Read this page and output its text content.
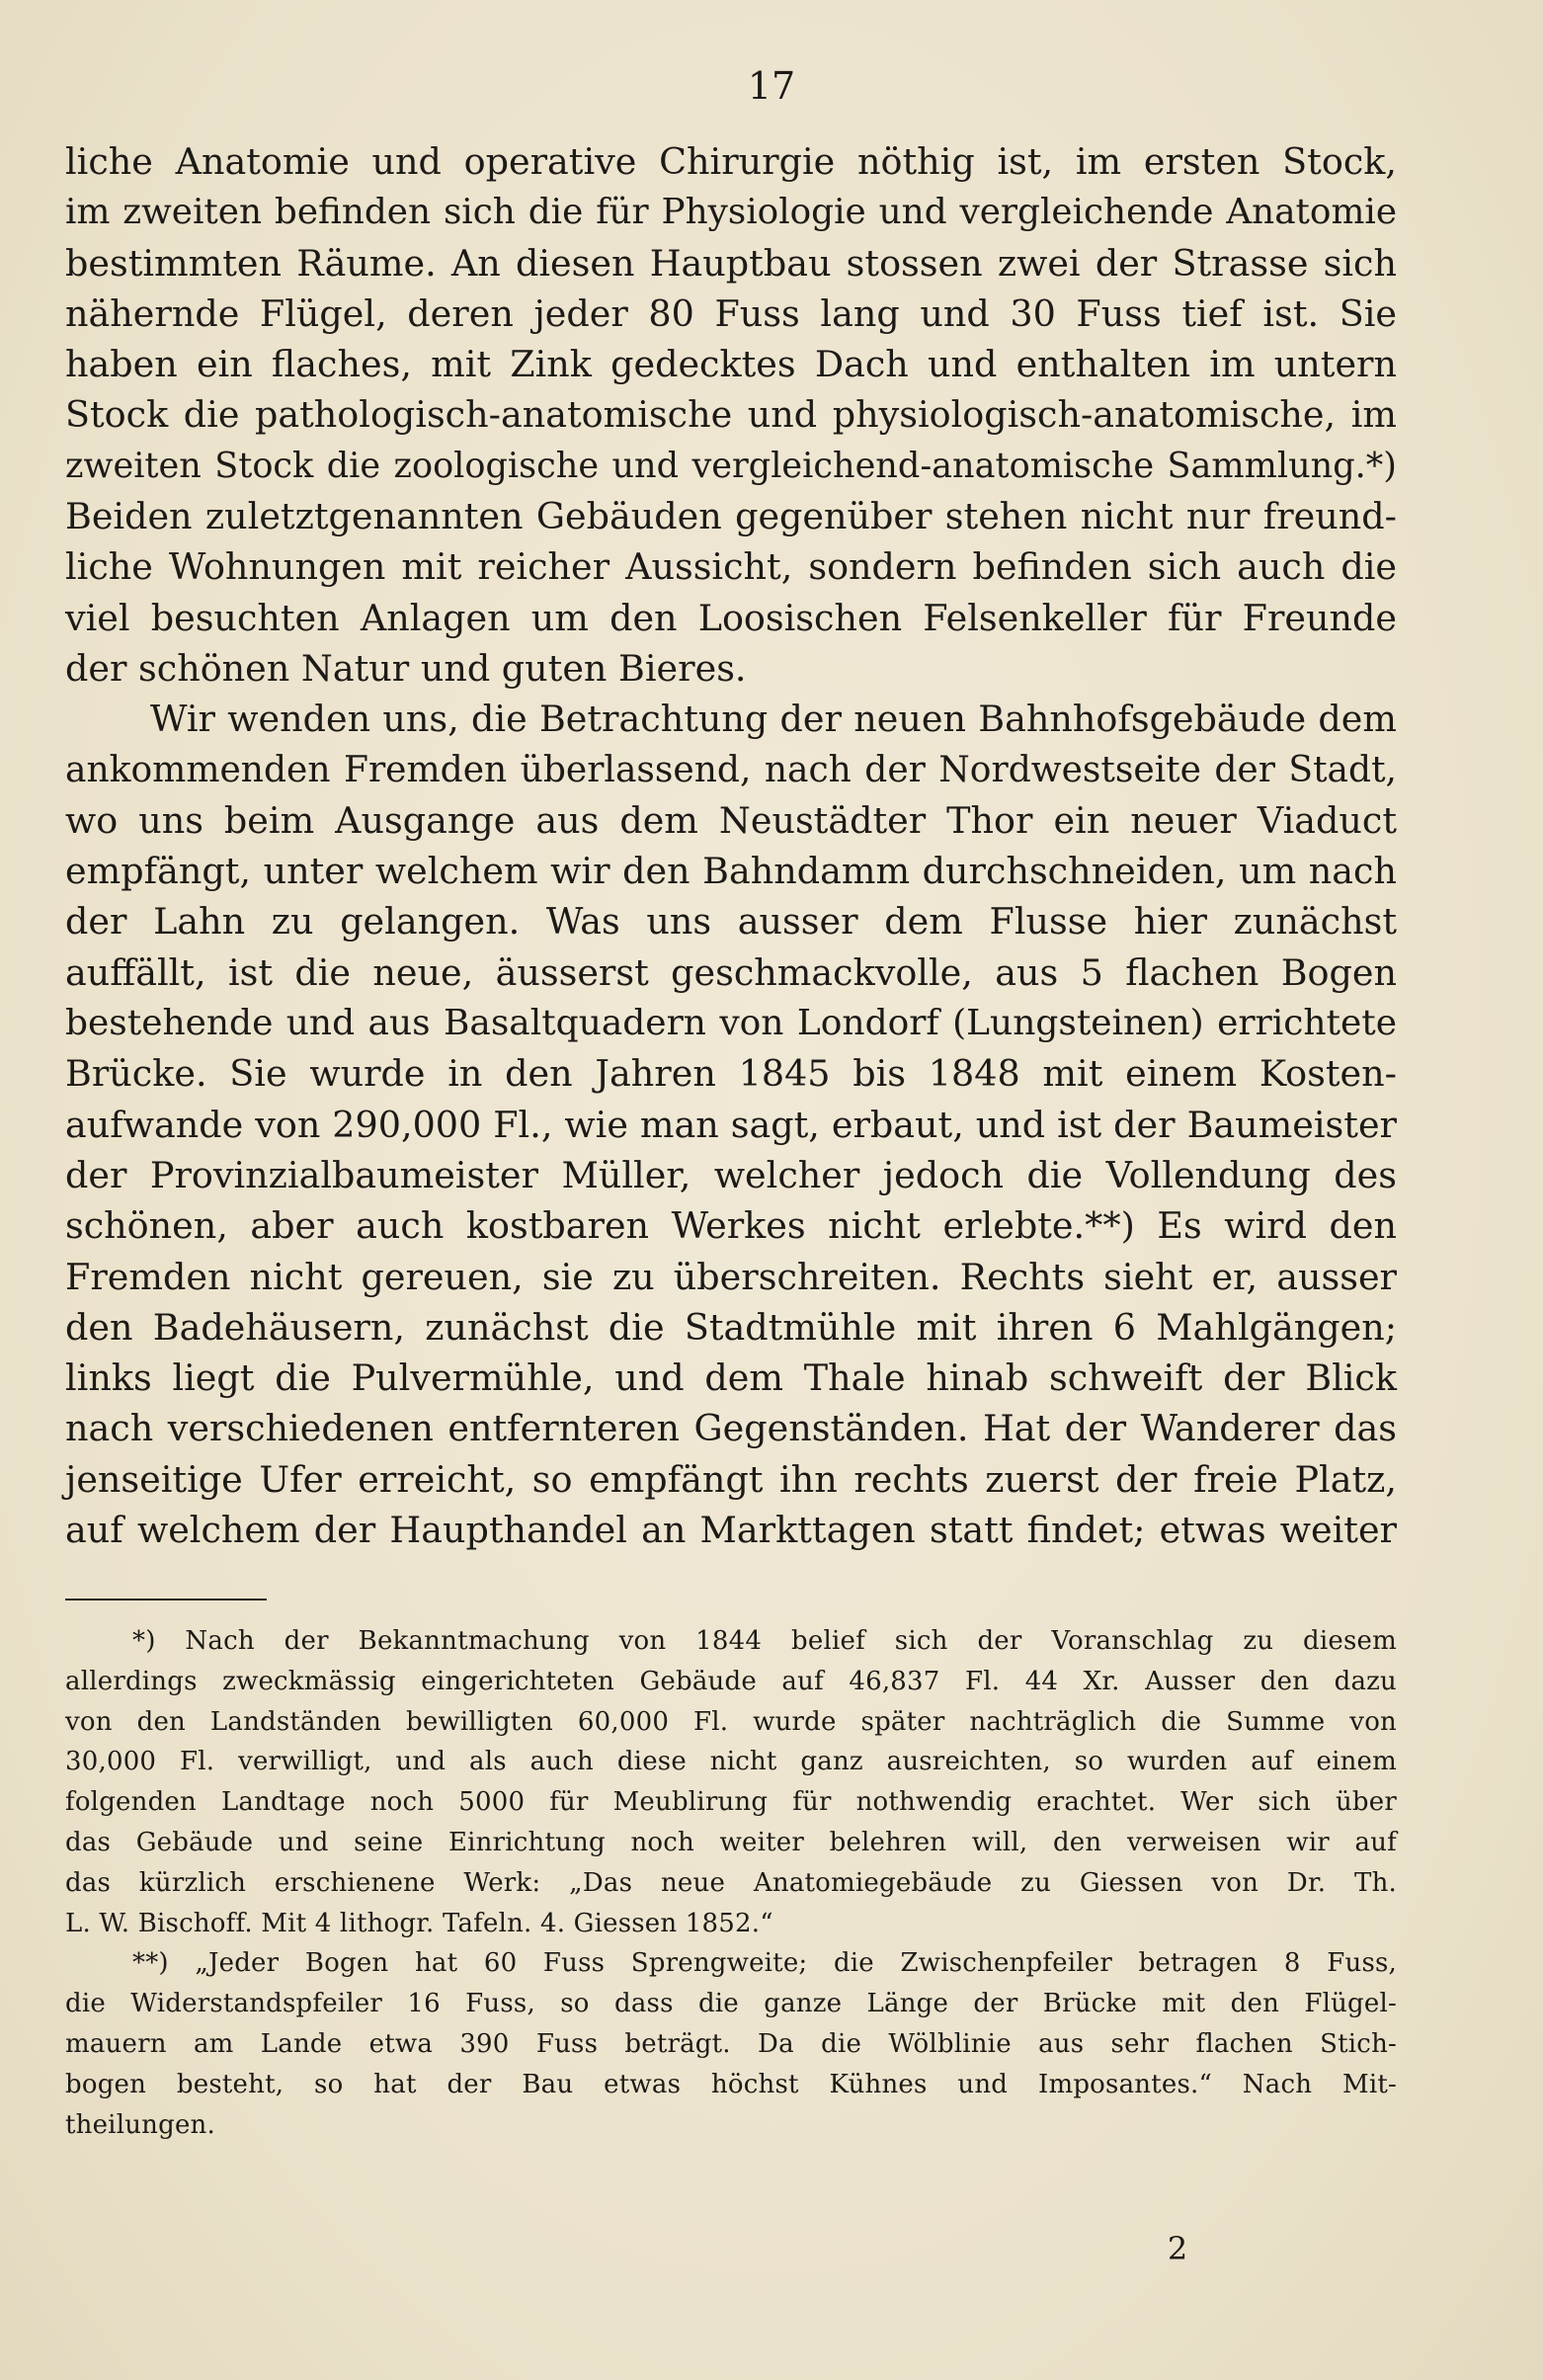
17
liche Anatomie und operative Chirurgie nöthig ist, im ersten Stock,
im zweiten befinden sich die für Physiologie und vergleichende Anatomie
bestimmten Räume. An diesen Hauptbau stossen zwei der Strasse sich
nähernde Flügel, deren jeder 80 Fuss lang und 30 Fuss tief ist. Sie
haben ein flaches, mit Zink gedecktes Dach und enthalten im untern
Stock die pathologisch-anatomische und physiologisch-anatomische, im
zweiten Stock die zoologische und vergleichend-anatomische Sammlung.*)
Beiden zuletztgenannten Gebäuden gegenüber stehen nicht nur freund-
liche Wohnungen mit reicher Aussicht, sondern befinden sich auch die
viel besuchten Anlagen um den Loosischen Felsenkeller für Freunde
der schönen Natur und guten Bieres.
Wir wenden uns, die Betrachtung der neuen Bahnhofsgebäude dem
ankommenden Fremden überlassend, nach der Nordwestseite der Stadt,
wo uns beim Ausgange aus dem Neustädter Thor ein neuer Viaduct
empfängt, unter welchem wir den Bahndamm durchschneiden, um nach
der Lahn zu gelangen. Was uns ausser dem Flusse hier zunächst
auffällt, ist die neue, äusserst geschmackvolle, aus 5 flachen Bogen
bestehende und aus Basaltquadern von Londorf (Lungsteinen) errichtete
Brücke. Sie wurde in den Jahren 1845 bis 1848 mit einem Kosten-
aufwande von 290,000 Fl., wie man sagt, erbaut, und ist der Baumeister
der Provinzialbaumeister Müller, welcher jedoch die Vollendung des
schönen, aber auch kostbaren Werkes nicht erlebte.**) Es wird den
Fremden nicht gereuen, sie zu überschreiten. Rechts sieht er, ausser
den Badehäusern, zunächst die Stadtmühle mit ihren 6 Mahlgängen;
links liegt die Pulvermühle, und dem Thale hinab schweift der Blick
nach verschiedenen entfernteren Gegenständen. Hat der Wanderer das
jenseitige Ufer erreicht, so empfängt ihn rechts zuerst der freie Platz,
auf welchem der Haupthandel an Markttagen statt findet; etwas weiter
*) Nach der Bekanntmachung von 1844 belief sich der Voranschlag zu diesem
allerdings zweckmässig eingerichteten Gebäude auf 46,837 Fl. 44 Xr. Ausser den dazu
von den Landständen bewilligten 60,000 Fl. wurde später nachträglich die Summe von
30,000 Fl. verwilligt, und als auch diese nicht ganz ausreichten, so wurden auf einem
folgenden Landtage noch 5000 für Meublirung für nothwendig erachtet. Wer sich über
das Gebäude und seine Einrichtung noch weiter belehren will, den verweisen wir auf
das kürzlich erschienene Werk: „Das neue Anatomiegebäude zu Giessen von Dr. Th.
L. W. Bischoff. Mit 4 lithogr. Tafeln. 4. Giessen 1852.“
**) „Jeder Bogen hat 60 Fuss Sprengweite; die Zwischenpfeiler betragen 8 Fuss,
die Widerstandspfeiler 16 Fuss, so dass die ganze Länge der Brücke mit den Flügel-
mauern am Lande etwa 390 Fuss beträgt. Da die Wölblinie aus sehr flachen Stich-
bogen besteht, so hat der Bau etwas höchst Kühnes und Imposantes.“ Nach Mit-
theilungen.
2
